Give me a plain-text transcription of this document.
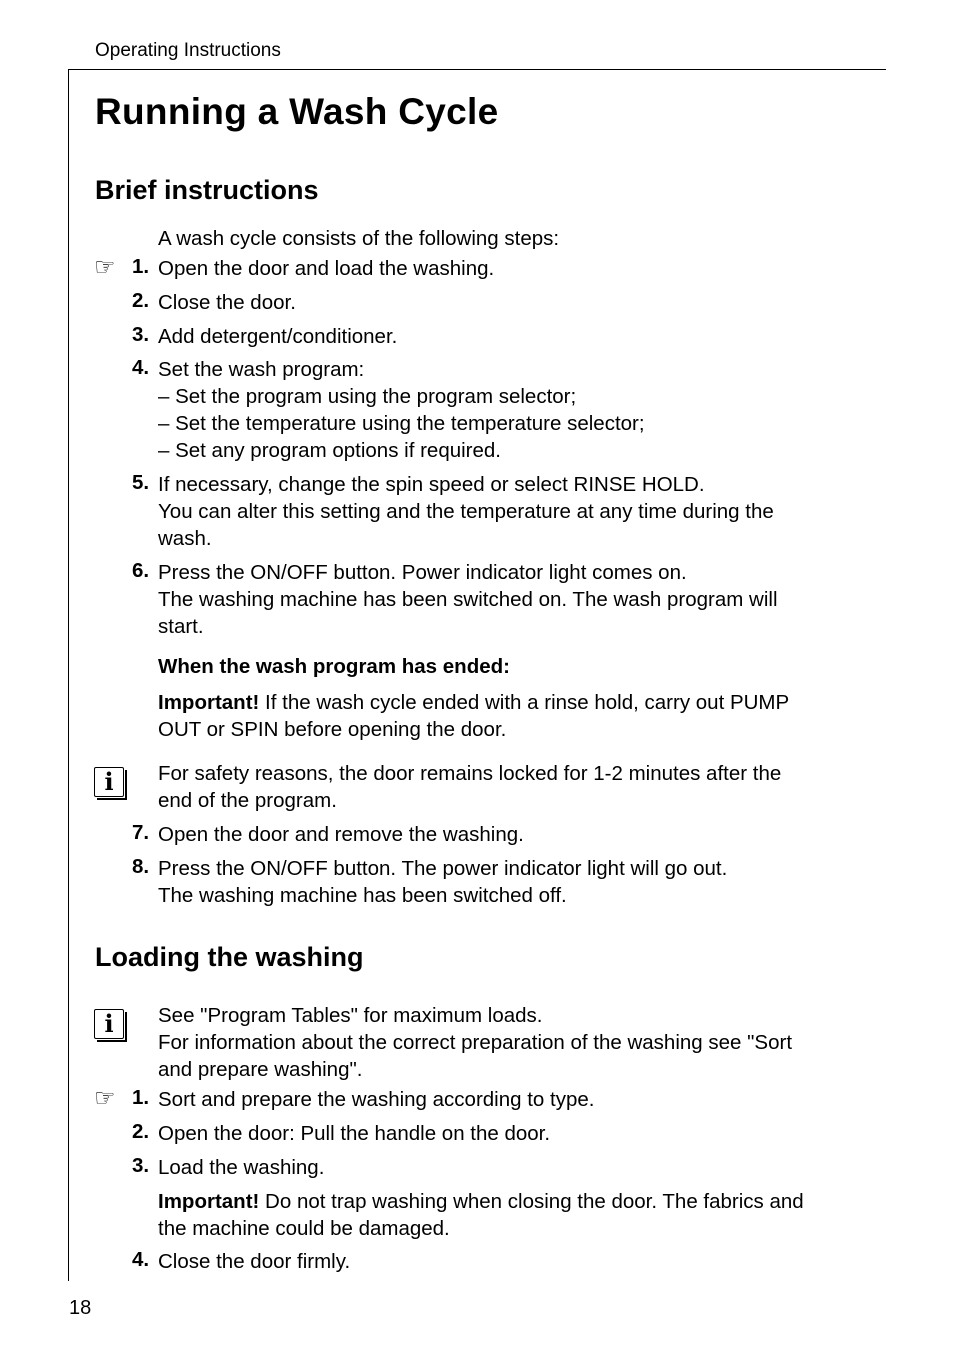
Operating Instructions
Running a Wash Cycle
Brief instructions
A wash cycle consists of the following steps:
☞ 1. Open the door and load the washing.
2. Close the door.
3. Add detergent/conditioner.
4. Set the wash program:
– Set the program using the program selector;
– Set the temperature using the temperature selector;
– Set any program options if required.
5. If necessary, change the spin speed or select RINSE HOLD.
You can alter this setting and the temperature at any time during the
wash.
6. Press the ON/OFF button. Power indicator light comes on.
The washing machine has been switched on. The wash program will
start.
When the wash program has ended:
Important! If the wash cycle ended with a rinse hold, carry out PUMP
OUT or SPIN before opening the door.
i	For safety reasons, the door remains locked for 1-2 minutes after the
end of the program.
7. Open the door and remove the washing.
8. Press the ON/OFF button. The power indicator light will go out.
The washing machine has been switched off.
Loading the washing
i	See "Program Tables" for maximum loads.
For information about the correct preparation of the washing see "Sort
and prepare washing".
☞ 1. Sort and prepare the washing according to type.
2. Open the door: Pull the handle on the door.
3. Load the washing.
Important! Do not trap washing when closing the door. The fabrics and
the machine could be damaged.
4. Close the door firmly.
18
